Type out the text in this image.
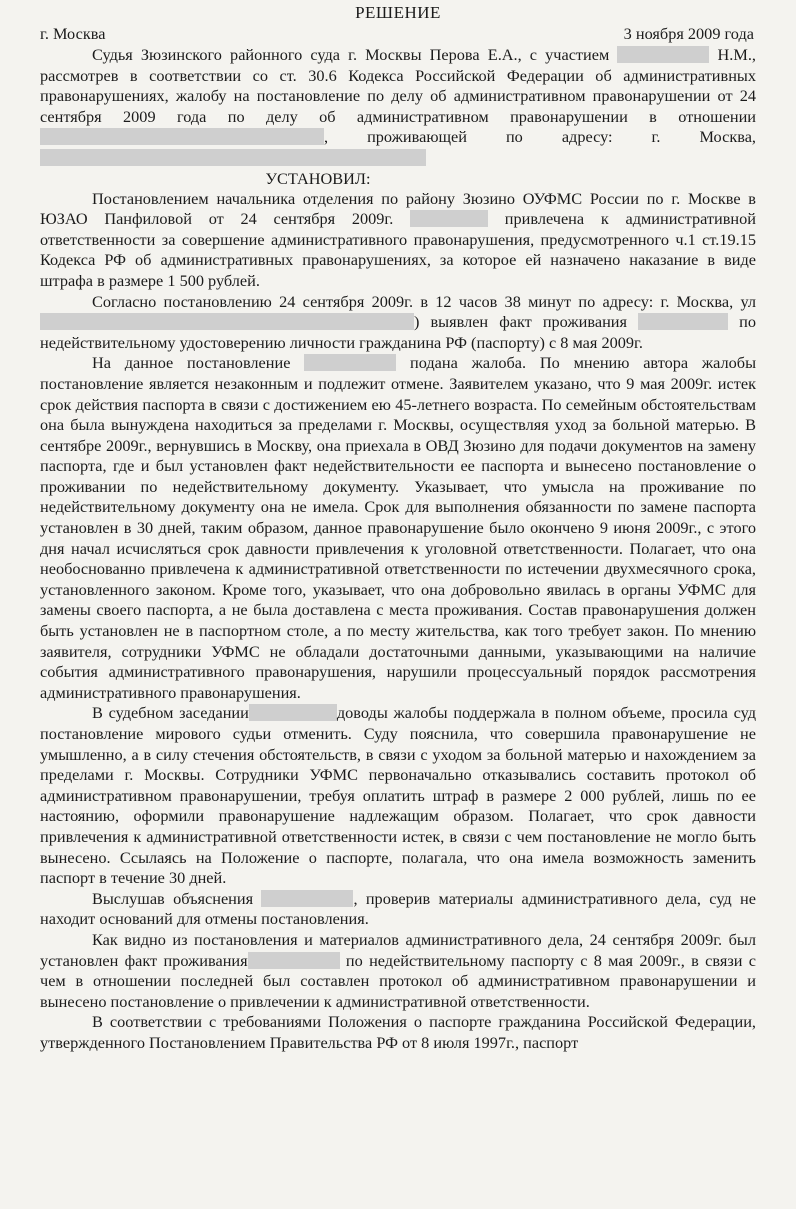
РЕШЕНИЕ
г. Москва	3 ноября 2009 года

Судья Зюзинского районного суда г. Москвы Перова Е.А., с участием	Н.М., рассмотрев в соответствии со ст. 30.6 Кодекса Российской Федерации об административных правонарушениях, жалобу на постановление по делу об административном правонарушении от 24 сентября 2009 года по делу об административном правонарушении в отношении , проживающей по адресу: г. Москва,

УСТАНОВИЛ:

Постановлением начальника отделения по району Зюзино ОУФМС России по г. Москве в ЮЗАО Панфиловой от 24 сентября 2009г.	привлечена к административной ответственности за совершение административного правонарушения, предусмотренного ч.1 ст.19.15 Кодекса РФ об административных правонарушениях, за которое ей назначено наказание в виде штрафа в размере 1 500 рублей.

Согласно постановлению 24 сентября 2009г. в 12 часов 38 минут по адресу: г. Москва, ул) выявлен факт проживания	по недействительному удостоверению личности гражданина РФ (паспорту) с 8 мая 2009г.

На данное постановление	подана жалоба. По мнению автора жалобы постановление является незаконным и подлежит отмене. Заявителем указано, что 9 мая 2009г. истек срок действия паспорта в связи с достижением ею 45-летнего возраста. По семейным обстоятельствам она была вынуждена находиться за пределами г. Москвы, осуществляя уход за больной матерью. В сентябре 2009г., вернувшись в Москву, она приехала в ОВД Зюзино для подачи документов на замену паспорта, где и был установлен факт недействительности ее паспорта и вынесено постановление о проживании по недействительному документу. Указывает, что умысла на проживание по недействительному документу она не имела. Срок для выполнения обязанности по замене паспорта установлен в 30 дней, таким образом, данное правонарушение было окончено 9 июня 2009г., с этого дня начал исчисляться срок давности привлечения к уголовной ответственности. Полагает, что она необоснованно привлечена к административной ответственности по истечении двухмесячного срока, установленного законом. Кроме того, указывает, что она добровольно явилась в органы УФМС для замены своего паспорта, а не была доставлена с места проживания. Состав правонарушения должен быть установлен не в паспортном столе, а по месту жительства, как того требует закон. По мнению заявителя, сотрудники УФМС не обладали достаточными данными, указывающими на наличие события административного правонарушения, нарушили процессуальный порядок рассмотрения административного правонарушения.

В судебном заседании	доводы жалобы поддержала в полном объеме, просила суд постановление мирового судьи отменить. Суду пояснила, что совершила правонарушение не умышленно, а в силу стечения обстоятельств, в связи с уходом за больной матерью и нахождением за пределами г. Москвы. Сотрудники УФМС первоначально отказывались составить протокол об административном правонарушении, требуя оплатить штраф в размере 2 000 рублей, лишь по ее настоянию, оформили правонарушение надлежащим образом. Полагает, что срок давности привлечения к административной ответственности истек, в связи с чем постановление не могло быть вынесено. Ссылаясь на Положение о паспорте, полагала, что она имела возможность заменить паспорт в течение 30 дней.

Выслушав объяснения	, проверив материалы административного дела, суд не находит оснований для отмены постановления.

Как видно из постановления и материалов административного дела, 24 сентября 2009г. был установлен факт проживания	по недействительному паспорту с 8 мая 2009г., в связи с чем в отношении последней был составлен протокол об административном правонарушении и вынесено постановление о привлечении к административной ответственности.

В соответствии с требованиями Положения о паспорте гражданина Российской Федерации, утвержденного Постановлением Правительства РФ от 8 июля 1997г., паспорт
